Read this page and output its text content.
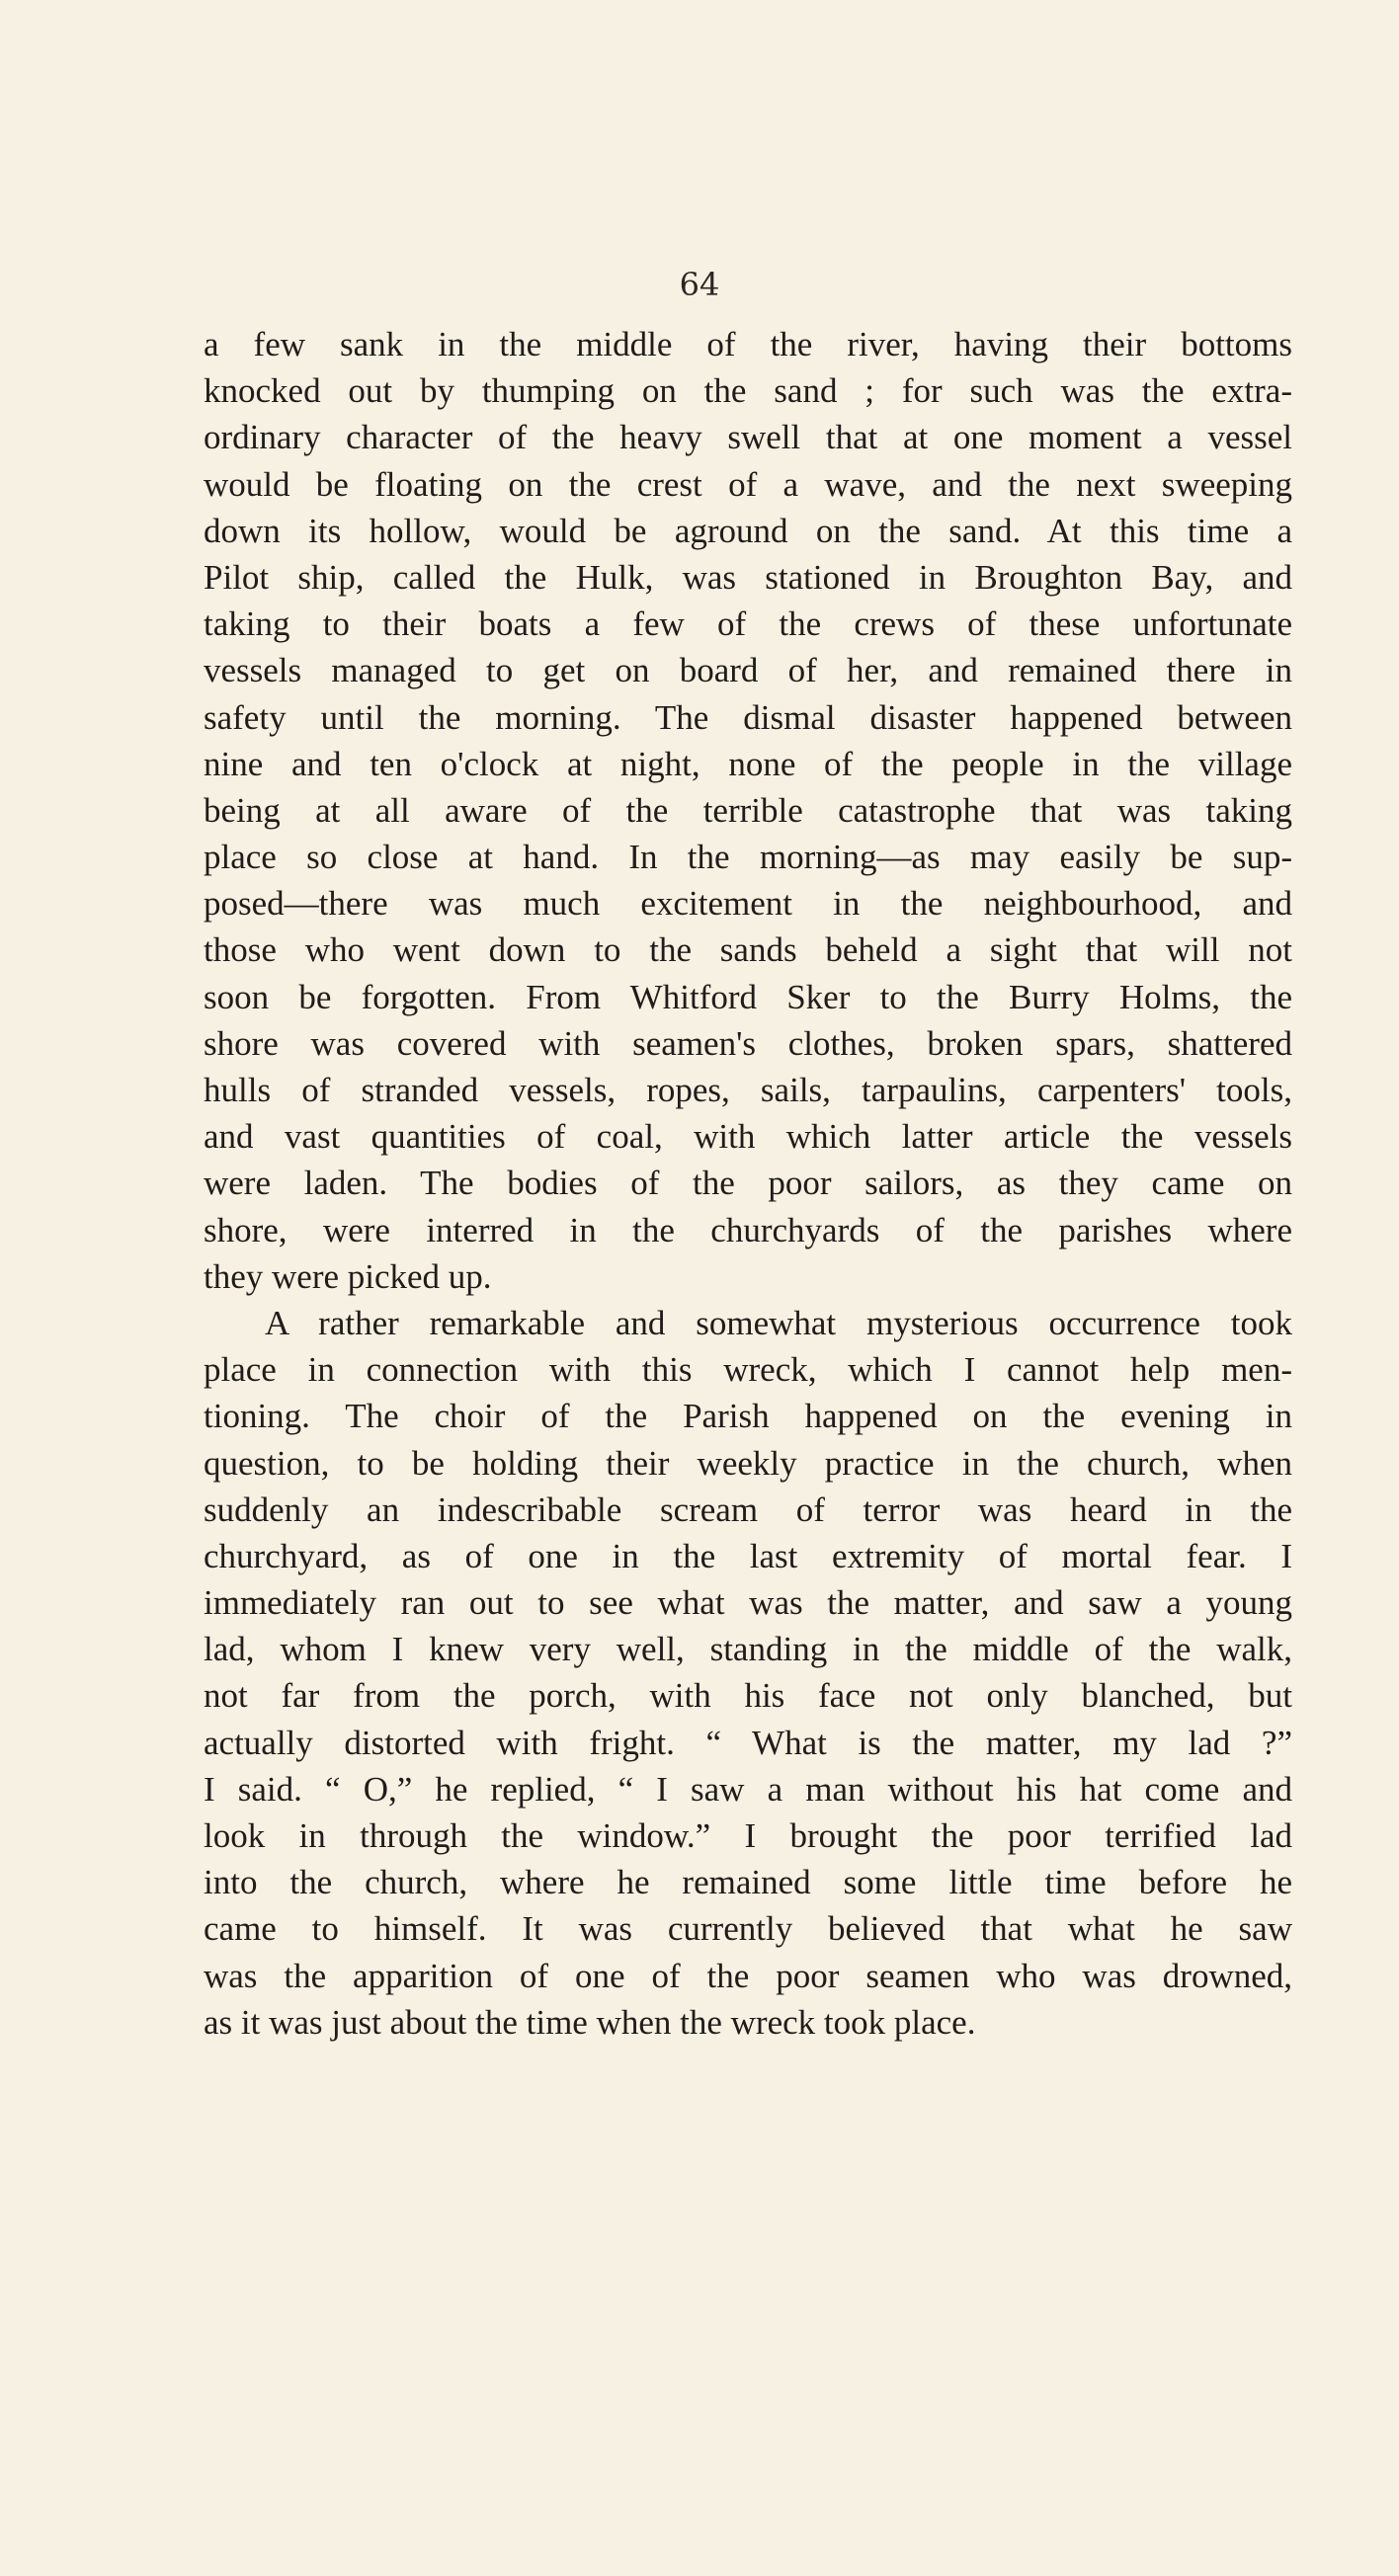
64
a few sank in the middle of the river, having their bottoms
knocked out by thumping on the sand ; for such was the extra-
ordinary character of the heavy swell that at one moment a vessel
would be floating on the crest of a wave, and the next sweeping
down its hollow, would be aground on the sand. At this time a
Pilot ship, called the Hulk, was stationed in Broughton Bay, and
taking to their boats a few of the crews of these unfortunate
vessels managed to get on board of her, and remained there in
safety until the morning. The dismal disaster happened between
nine and ten o'clock at night, none of the people in the village
being at all aware of the terrible catastrophe that was taking
place so close at hand. In the morning—as may easily be sup-
posed—there was much excitement in the neighbourhood, and
those who went down to the sands beheld a sight that will not
soon be forgotten. From Whitford Sker to the Burry Holms, the
shore was covered with seamen's clothes, broken spars, shattered
hulls of stranded vessels, ropes, sails, tarpaulins, carpenters' tools,
and vast quantities of coal, with which latter article the vessels
were laden. The bodies of the poor sailors, as they came on
shore, were interred in the churchyards of the parishes where
they were picked up.
A rather remarkable and somewhat mysterious occurrence took
place in connection with this wreck, which I cannot help men-
tioning. The choir of the Parish happened on the evening in
question, to be holding their weekly practice in the church, when
suddenly an indescribable scream of terror was heard in the
churchyard, as of one in the last extremity of mortal fear. I
immediately ran out to see what was the matter, and saw a young
lad, whom I knew very well, standing in the middle of the walk,
not far from the porch, with his face not only blanched, but
actually distorted with fright. “ What is the matter, my lad ?”
I said. “ O,” he replied, “ I saw a man without his hat come and
look in through the window.” I brought the poor terrified lad
into the church, where he remained some little time before he
came to himself. It was currently believed that what he saw
was the apparition of one of the poor seamen who was drowned,
as it was just about the time when the wreck took place.
